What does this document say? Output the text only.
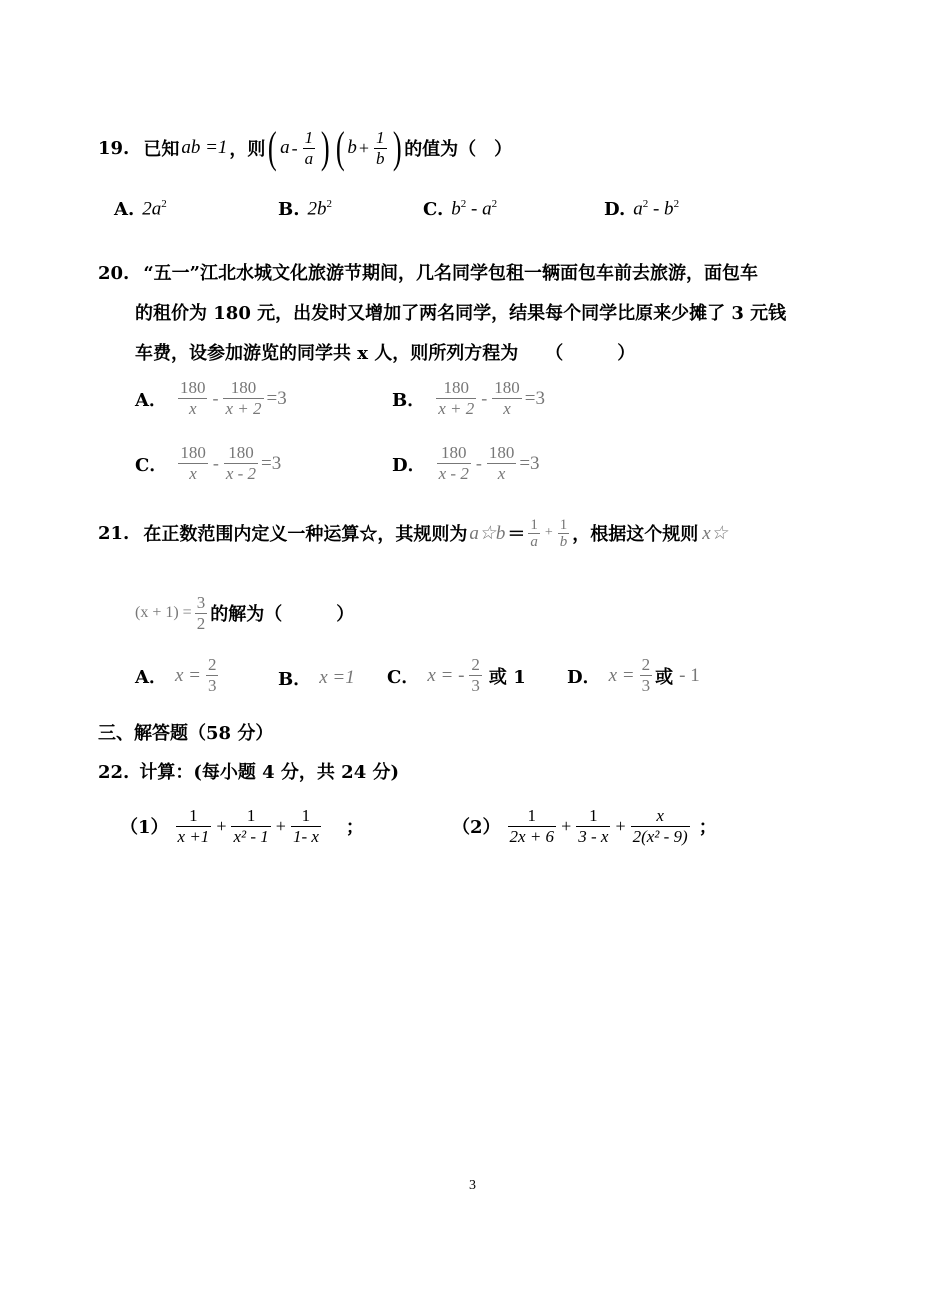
19. 已知 ab =1 ，则 ( a - $\frac{1}{a}$ ) ( $b + \frac{1}{b}$ ) 的值为（　）
A. $2a^2$	B. $2b^2$	C. $b^2 - a^2$	D. $a^2 - b^2$
20. “五一”江北水城文化旅游节期间，几名同学包租一辆面包车前去旅游，面包车
的租价为 180 元，出发时又增加了两名同学，结果每个同学比原来少摊了 3 元钱
车费，设参加游览的同学共 x 人，则所列方程为　　（　　　）
A． $\frac{180}{x} - \frac{180}{x + 2} =3$	B． $\frac{180}{x + 2} - \frac{180}{x} =3$
C． $\frac{180}{x} - \frac{180}{x - 2} =3$	D． $\frac{180}{x - 2} - \frac{180}{x} =3$
21. 在正数范围内定义一种运算☆，其规则为 a☆b ＝ $\frac{1}{a} + \frac{1}{b}$ ，根据这个规则 x☆
$(x + 1) = \frac{3}{2}$ 的解为（　　　）
A． $x = \frac{2}{3}$	B． x =1 C． x = - $\frac{2}{3}$ 或 1 D． $x = \frac{2}{3}$ 或 - 1
三、解答题（58 分）
22. 计算：(每小题 4 分，共 24 分)
$(1) \frac{1}{x +1} + \frac{1}{\text{x² - 1}} + \frac{1}{1- x}$ ；	$(2) \frac{1}{2x + 6} + \frac{1}{3 - x} + \frac{x}{\text{2(x² - 9)}}$ ；
3
